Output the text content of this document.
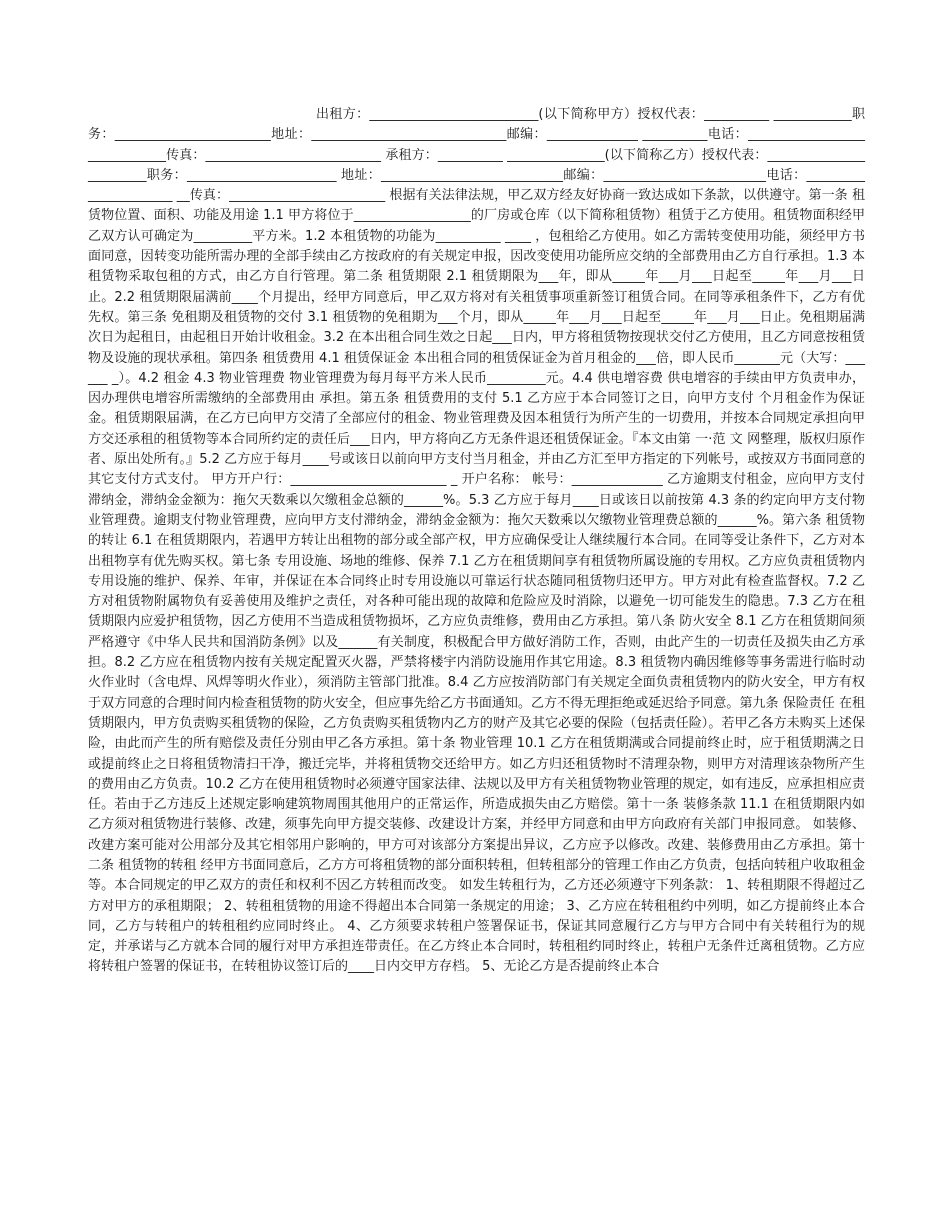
出租方：__________________________(以下简称甲方）授权代表：__________ ____________职务：________________________地址：______________________________邮编：______________ __________电话：______________________________传真：___________________________ 承租方：__________ _______________(以下简称乙方）授权代表：________________________职务：_______________________ 地址：____________________________邮编：_________________________电话：______________________ __传真：________________________ 根据有关法律法规，甲乙双方经友好协商一致达成如下条款，以供遵守。第一条 租赁物位置、面积、功能及用途 1.1 甲方将位于__________________的厂房或仓库（以下简称租赁物）租赁于乙方使用。租赁物面积经甲乙双方认可确定为_________平方米。1.2 本租赁物的功能为__________ ____ ，包租给乙方使用。如乙方需转变使用功能，须经甲方书面同意，因转变功能所需办理的全部手续由乙方按政府的有关规定申报，因改变使用功能所应交纳的全部费用由乙方自行承担。1.3 本租赁物采取包租的方式，由乙方自行管理。第二条 租赁期限 2.1 租赁期限为___年，即从_____年___月___日起至_____年___月___日止。2.2 租赁期限届满前____个月提出，经甲方同意后，甲乙双方将对有关租赁事项重新签订租赁合同。在同等承租条件下，乙方有优先权。第三条 免租期及租赁物的交付 3.1 租赁物的免租期为___个月，即从_____年___月___日起至_____年___月___日止。免租期届满次日为起租日，由起租日开始计收租金。3.2 在本出租合同生效之日起___日内，甲方将租赁物按现状交付乙方使用，且乙方同意按租赁物及设施的现状承租。第四条 租赁费用 4.1 租赁保证金 本出租合同的租赁保证金为首月租金的___倍，即人民币_______元（大写：______ _）。4.2 租金 4.3 物业管理费 物业管理费为每月每平方米人民币_________元。4.4 供电增容费 供电增容的手续由甲方负责申办，因办理供电增容所需缴纳的全部费用由 承担。第五条 租赁费用的支付 5.1 乙方应于本合同签订之日，向甲方支付 个月租金作为保证金。租赁期限届满，在乙方已向甲方交清了全部应付的租金、物业管理费及因本租赁行为所产生的一切费用，并按本合同规定承担向甲方交还承租的租赁物等本合同所约定的责任后___日内，甲方将向乙方无条件退还租赁保证金。『本文由第 一·范 文 网整理，版权归原作者、原出处所有。』5.2 乙方应于每月____号或该日以前向甲方支付当月租金，并由乙方汇至甲方指定的下列帐号，或按双方书面同意的其它支付方式支付。 甲方开户行：________________________ _ 开户名称： 帐号：______________ 乙方逾期支付租金，应向甲方支付滞纳金，滞纳金金额为：拖欠天数乘以欠缴租金总额的______%。5.3 乙方应于每月____日或该日以前按第 4.3 条的约定向甲方支付物业管理费。逾期支付物业管理费，应向甲方支付滞纳金，滞纳金金额为：拖欠天数乘以欠缴物业管理费总额的______%。第六条 租赁物的转让 6.1 在租赁期限内，若遇甲方转让出租物的部分或全部产权，甲方应确保受让人继续履行本合同。在同等受让条件下，乙方对本出租物享有优先购买权。第七条 专用设施、场地的维修、保养 7.1 乙方在租赁期间享有租赁物所属设施的专用权。乙方应负责租赁物内专用设施的维护、保养、年审，并保证在本合同终止时专用设施以可靠运行状态随同租赁物归还甲方。甲方对此有检查监督权。7.2 乙方对租赁物附属物负有妥善使用及维护之责任，对各种可能出现的故障和危险应及时消除，以避免一切可能发生的隐患。7.3 乙方在租赁期限内应爱护租赁物，因乙方使用不当造成租赁物损坏，乙方应负责维修，费用由乙方承担。第八条 防火安全 8.1 乙方在租赁期间须严格遵守《中华人民共和国消防条例》以及______有关制度，积极配合甲方做好消防工作，否则，由此产生的一切责任及损失由乙方承担。8.2 乙方应在租赁物内按有关规定配置灭火器，严禁将楼宇内消防设施用作其它用途。8.3 租赁物内确因维修等事务需进行临时动火作业时（含电焊、风焊等明火作业），须消防主管部门批准。8.4 乙方应按消防部门有关规定全面负责租赁物内的防火安全，甲方有权于双方同意的合理时间内检查租赁物的防火安全，但应事先给乙方书面通知。乙方不得无理拒绝或延迟给予同意。第九条 保险责任 在租赁期限内，甲方负责购买租赁物的保险，乙方负责购买租赁物内乙方的财产及其它必要的保险（包括责任险）。若甲乙各方未购买上述保险，由此而产生的所有赔偿及责任分别由甲乙各方承担。第十条 物业管理 10.1 乙方在租赁期满或合同提前终止时，应于租赁期满之日或提前终止之日将租赁物清扫干净，搬迁完毕，并将租赁物交还给甲方。如乙方归还租赁物时不清理杂物，则甲方对清理该杂物所产生的费用由乙方负责。10.2 乙方在使用租赁物时必须遵守国家法律、法规以及甲方有关租赁物物业管理的规定，如有违反，应承担相应责任。若由于乙方违反上述规定影响建筑物周围其他用户的正常运作，所造成损失由乙方赔偿。第十一条 装修条款 11.1 在租赁期限内如乙方须对租赁物进行装修、改建，须事先向甲方提交装修、改建设计方案，并经甲方同意和由甲方向政府有关部门申报同意。 如装修、改建方案可能对公用部分及其它相邻用户影响的，甲方可对该部分方案提出异议，乙方应予以修改。改建、装修费用由乙方承担。第十二条 租赁物的转租 经甲方书面同意后，乙方方可将租赁物的部分面积转租，但转租部分的管理工作由乙方负责，包括向转租户收取租金等。本合同规定的甲乙双方的责任和权利不因乙方转租而改变。 如发生转租行为，乙方还必须遵守下列条款： 1、转租期限不得超过乙方对甲方的承租期限； 2、转租租赁物的用途不得超出本合同第一条规定的用途； 3、乙方应在转租租约中列明，如乙方提前终止本合同，乙方与转租户的转租租约应同时终止。 4、乙方须要求转租户签署保证书，保证其同意履行乙方与甲方合同中有关转租行为的规定，并承诺与乙方就本合同的履行对甲方承担连带责任。在乙方终止本合同时，转租租约同时终止，转租户无条件迁离租赁物。乙方应将转租户签署的保证书，在转租协议签订后的____日内交甲方存档。 5、无论乙方是否提前终止本合
